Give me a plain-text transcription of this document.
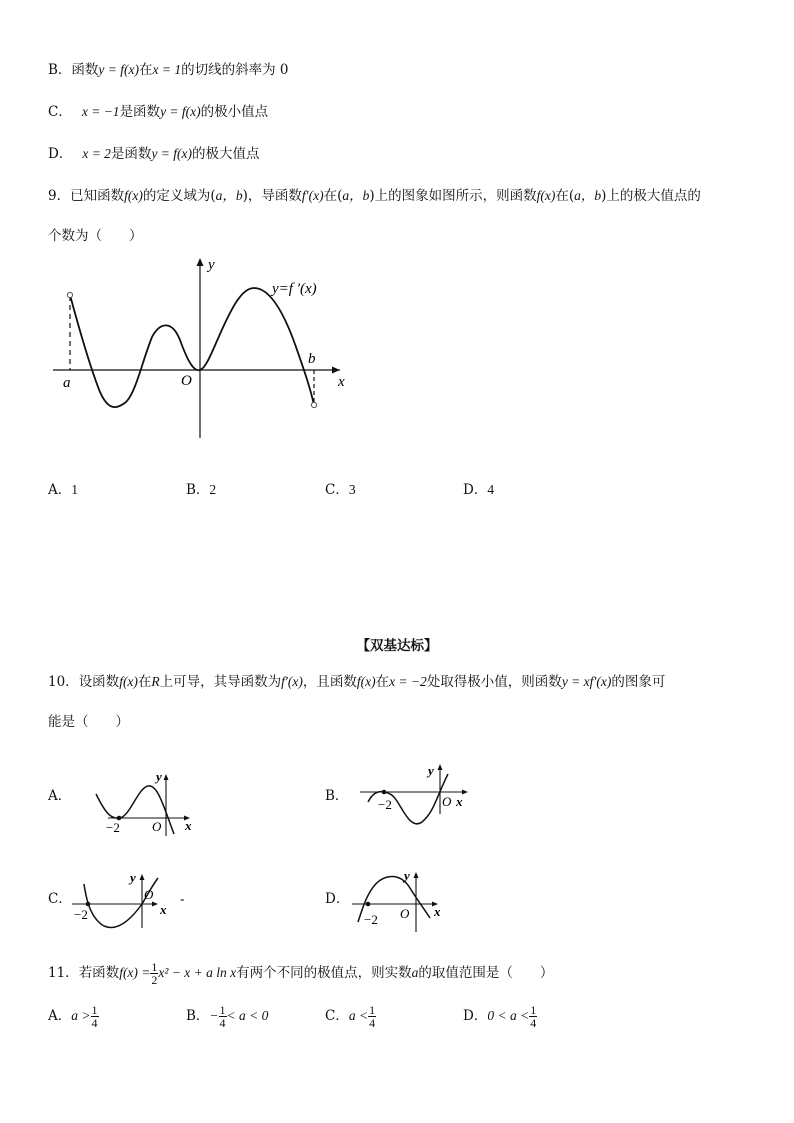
B．函数y = f(x)在x = 1的切线的斜率为 0
C． x = −1是函数y = f(x)的极小值点
D． x = 2是函数y = f(x)的极大值点
9．已知函数f(x)的定义域为(a，b)，导函数f′(x)在(a，b)上的图象如图所示，则函数f(x)在(a，b)上的极大值点的
个数为（　　）
y
x
O
a
b
y=f ′(x)
A．1	B．2	C．3	D．4
【双基达标】
10．设函数f(x)在R上可导，其导函数为f′(x)，且函数f(x)在x = −2处取得极小值，则函数y = xf′(x)的图象可
能是（　　）
A．
−2 O x
y
B．
−2	O x
y
C．
−2
O
x
y
-	D．
−2 O x
y
11．若函数$f(x) = \frac{1}{2} x^2 - x + a$ ln x有两个不同的极值点，则实数a的取值范围是（　　）
A．$a > \frac{1}{4}$	B．− $\frac{1}{4} < a < 0$	C．$a < \frac{1}{4}$	D．$0 < a < \frac{1}{4}$
